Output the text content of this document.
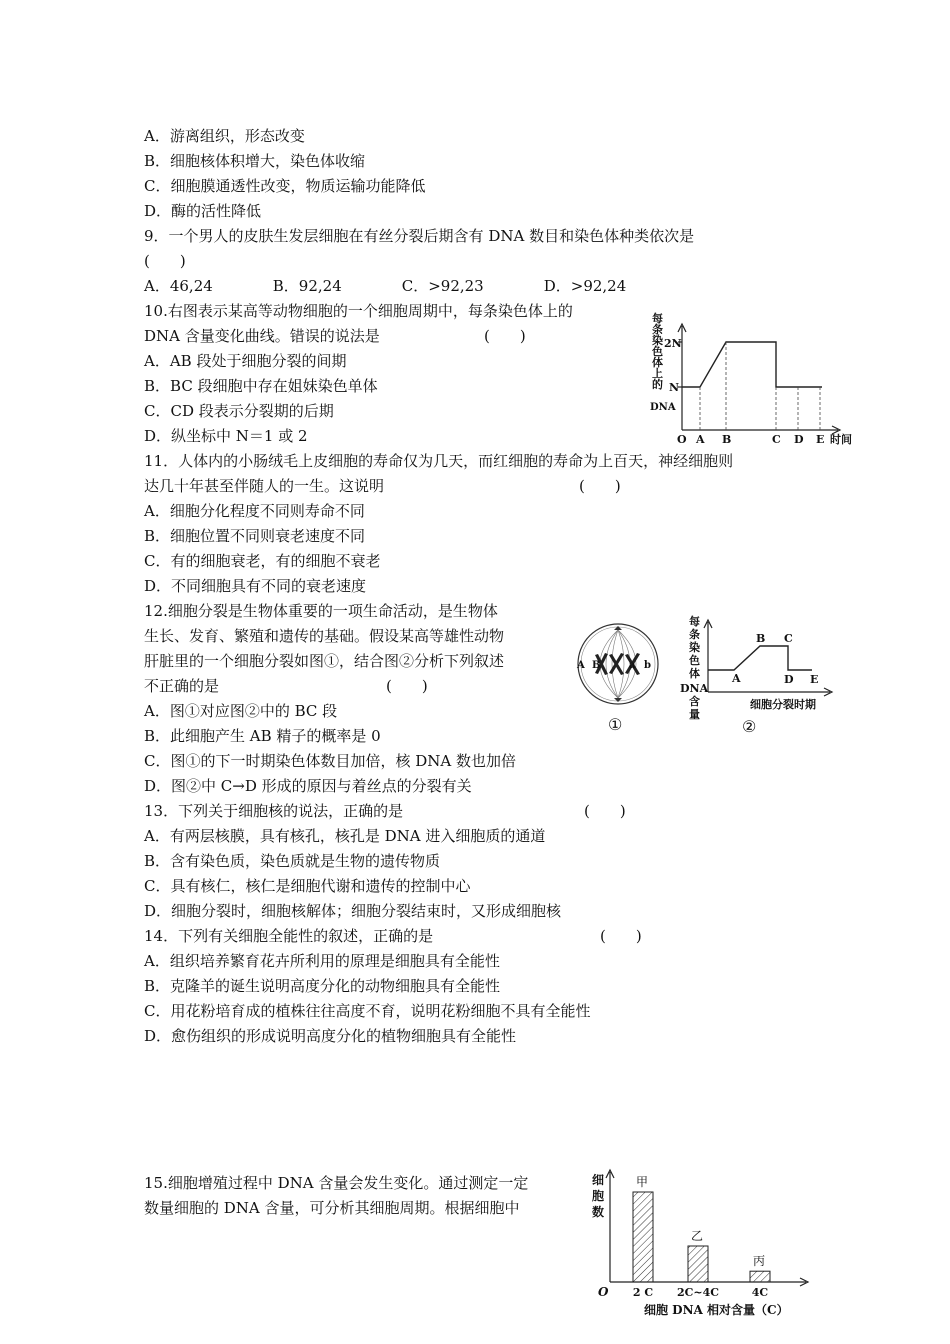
A．游离组织，形态改变
B．细胞核体积增大，染色体收缩
C．细胞膜通透性改变，物质运输功能降低
D．酶的活性降低
9．一个男人的皮肤生发层细胞在有丝分裂后期含有 DNA 数目和染色体种类依次是
(　　)
A．46,24　　　　B．92,24　　　　C．>92,23　　　　D．>92,24
10.右图表示某高等动物细胞的一个细胞周期中，每条染色体上的
DNA 含量变化曲线。错误的说法是	(　　)
A．AB 段处于细胞分裂的间期
B．BC 段细胞中存在姐妹染色单体
C．CD 段表示分裂期的后期
D．纵坐标中 N＝1 或 2
11．人体内的小肠绒毛上皮细胞的寿命仅为几天，而红细胞的寿命为上百天，神经细胞则
达几十年甚至伴随人的一生。这说明	(　　)
A．细胞分化程度不同则寿命不同
B．细胞位置不同则衰老速度不同
C．有的细胞衰老，有的细胞不衰老
D．不同细胞具有不同的衰老速度
12.细胞分裂是生物体重要的一项生命活动，是生物体
生长、发育、繁殖和遗传的基础。假设某高等雄性动物
肝脏里的一个细胞分裂如图①，结合图②分析下列叙述
不正确的是	(　　)
A．图①对应图②中的 BC 段
B．此细胞产生 AB 精子的概率是 0
C．图①的下一时期染色体数目加倍，核 DNA 数也加倍
D．图②中 C→D 形成的原因与着丝点的分裂有关
13．下列关于细胞核的说法，正确的是	(　　)
A．有两层核膜，具有核孔，核孔是 DNA 进入细胞质的通道
B．含有染色质，染色质就是生物的遗传物质
C．具有核仁，核仁是细胞代谢和遗传的控制中心
D．细胞分裂时，细胞核解体；细胞分裂结束时，又形成细胞核
14．下列有关细胞全能性的叙述，正确的是	(　　)
A．组织培养繁育花卉所利用的原理是细胞具有全能性
B．克隆羊的诞生说明高度分化的动物细胞具有全能性
C．用花粉培育成的植株往往高度不育，说明花粉细胞不具有全能性
D．愈伤组织的形成说明高度分化的植物细胞具有全能性
15.细胞增殖过程中 DNA 含量会发生变化。通过测定一定
数量细胞的 DNA 含量，可分析其细胞周期。根据细胞中
每
条
染
色
体
上
的
DNA
2N
N
O A B	C D E 时间
A B	a b
①
每
条
染
色
体
DNA
含
量
A
B C
D E
细胞分裂时期
②
细
胞
数
O
甲
2 C
乙
2C~4C
丙
4C
细胞 DNA 相对含量（C）
